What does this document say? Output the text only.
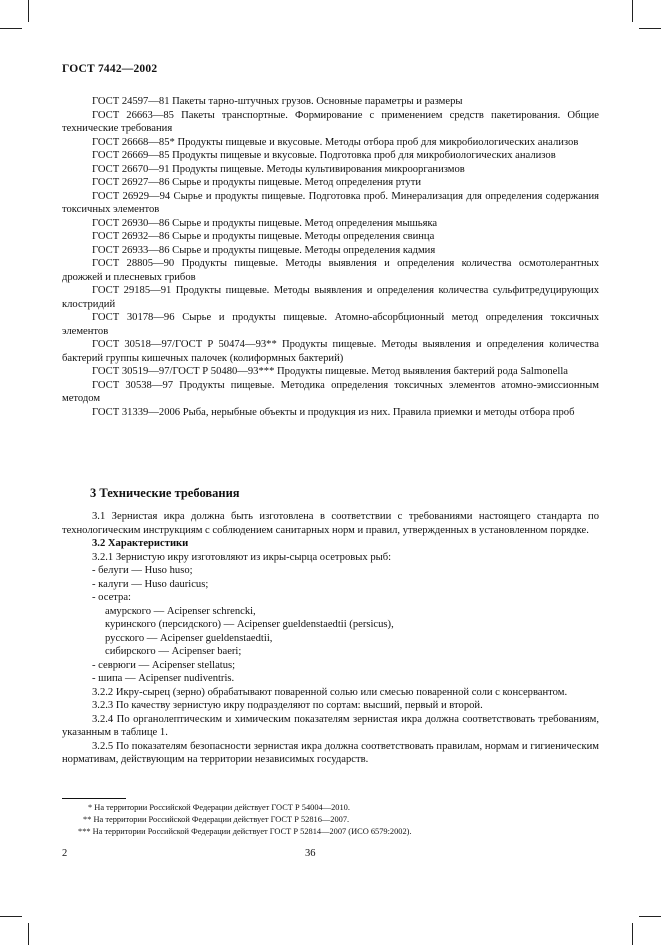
ГОСТ 7442—2002

ГОСТ 24597—81 Пакеты тарно-штучных грузов. Основные параметры и размеры

ГОСТ 26663—85 Пакеты транспортные. Формирование с применением средств пакетирования. Общие технические требования

ГОСТ 26668—85* Продукты пищевые и вкусовые. Методы отбора проб для микробиологических анализов

ГОСТ 26669—85 Продукты пищевые и вкусовые. Подготовка проб для микробиологических анализов

ГОСТ 26670—91 Продукты пищевые. Методы культивирования микроорганизмов

ГОСТ 26927—86 Сырье и продукты пищевые. Метод определения ртути

ГОСТ 26929—94 Сырье и продукты пищевые. Подготовка проб. Минерализация для определения содержания токсичных элементов

ГОСТ 26930—86 Сырье и продукты пищевые. Метод определения мышьяка

ГОСТ 26932—86 Сырье и продукты пищевые. Методы определения свинца

ГОСТ 26933—86 Сырье и продукты пищевые. Методы определения кадмия

ГОСТ 28805—90 Продукты пищевые. Методы выявления и определения количества осмотолерантных дрожжей и плесневых грибов

ГОСТ 29185—91 Продукты пищевые. Методы выявления и определения количества сульфитредуцирующих клостридий

ГОСТ 30178—96 Сырье и продукты пищевые. Атомно-абсорбционный метод определения токсичных элементов

ГОСТ 30518—97/ГОСТ Р 50474—93** Продукты пищевые. Методы выявления и определения количества бактерий группы кишечных палочек (колиформных бактерий)

ГОСТ 30519—97/ГОСТ Р 50480—93*** Продукты пищевые. Метод выявления бактерий рода Salmonella

ГОСТ 30538—97 Продукты пищевые. Методика определения токсичных элементов атомно-эмиссионным методом

ГОСТ 31339—2006 Рыба, нерыбные объекты и продукция из них. Правила приемки и методы отбора проб

3 Технические требования

3.1 Зернистая икра должна быть изготовлена в соответствии с требованиями настоящего стандарта по технологическим инструкциям с соблюдением санитарных норм и правил, утвержденных в установленном порядке.

3.2 Характеристики

3.2.1 Зернистую икру изготовляют из икры-сырца осетровых рыб:

- белуги — Huso huso;

- калуги — Huso dauricus;

- осетра:

амурского — Acipenser schrencki,

куринского (персидского) — Acipenser gueldenstaedtii (persicus),

русского — Acipenser gueldenstaedtii,

сибирского — Acipenser baeri;

- севрюги — Acipenser stellatus;

- шипа — Acipenser nudiventris.

3.2.2 Икру-сырец (зерно) обрабатывают поваренной солью или смесью поваренной соли с консервантом.

3.2.3 По качеству зернистую икру подразделяют по сортам: высший, первый и второй.

3.2.4 По органолептическим и химическим показателям зернистая икра должна соответствовать требованиям, указанным в таблице 1.

3.2.5 По показателям безопасности зернистая икра должна соответствовать правилам, нормам и гигиеническим нормативам, действующим на территории независимых государств.

* На территории Российской Федерации действует ГОСТ Р 54004—2010.
** На территории Российской Федерации действует ГОСТ Р 52816—2007.
*** На территории Российской Федерации действует ГОСТ Р 52814—2007 (ИСО 6579:2002).
2	36
